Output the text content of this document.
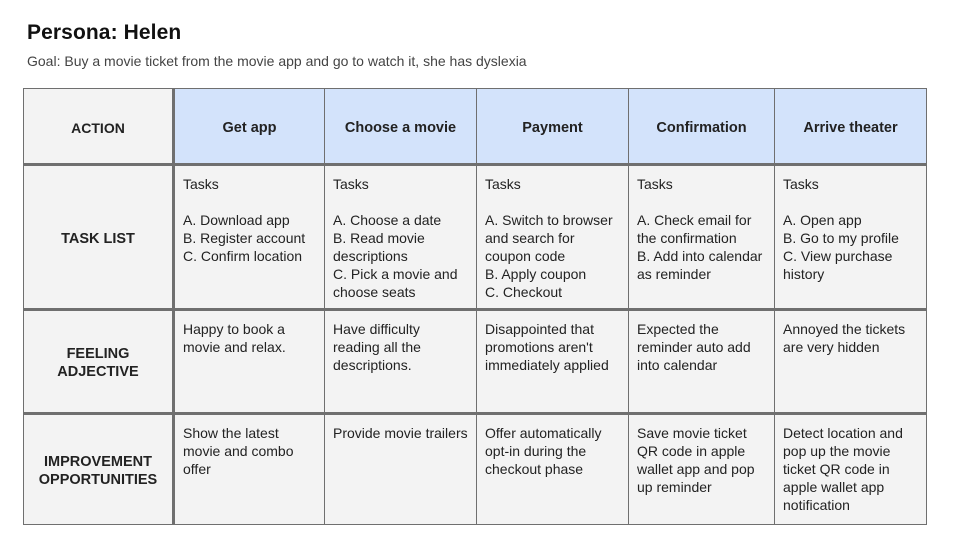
Persona: Helen
Goal: Buy a movie ticket from the movie app and go to watch it, she has dyslexia
ACTION	Get app	Choose a movie	Payment	Confirmation	Arrive theater
TASK LIST	Tasks
A. Download app
B. Register account
C. Confirm location	Tasks
A. Choose a date
B. Read movie descriptions
C. Pick a movie and choose seats	Tasks
A. Switch to browser and search for coupon code
B. Apply coupon
C. Checkout	Tasks
A. Check email for the confirmation
B. Add into calendar as reminder	Tasks
A. Open app
B. Go to my profile
C. View purchase history

FEELING
ADJECTIVE	Happy to book a movie and relax.	Have difficulty reading all the descriptions.	Disappointed that promotions aren't immediately applied	Expected the reminder auto add into calendar	Annoyed the tickets are very hidden

IMPROVEMENT
OPPORTUNITIES	Show the latest movie and combo offer	Provide movie trailers	Offer automatically opt-in during the checkout phase	Save movie ticket QR code in apple wallet app and pop up reminder	Detect location and pop up the movie ticket QR code in apple wallet app notification
